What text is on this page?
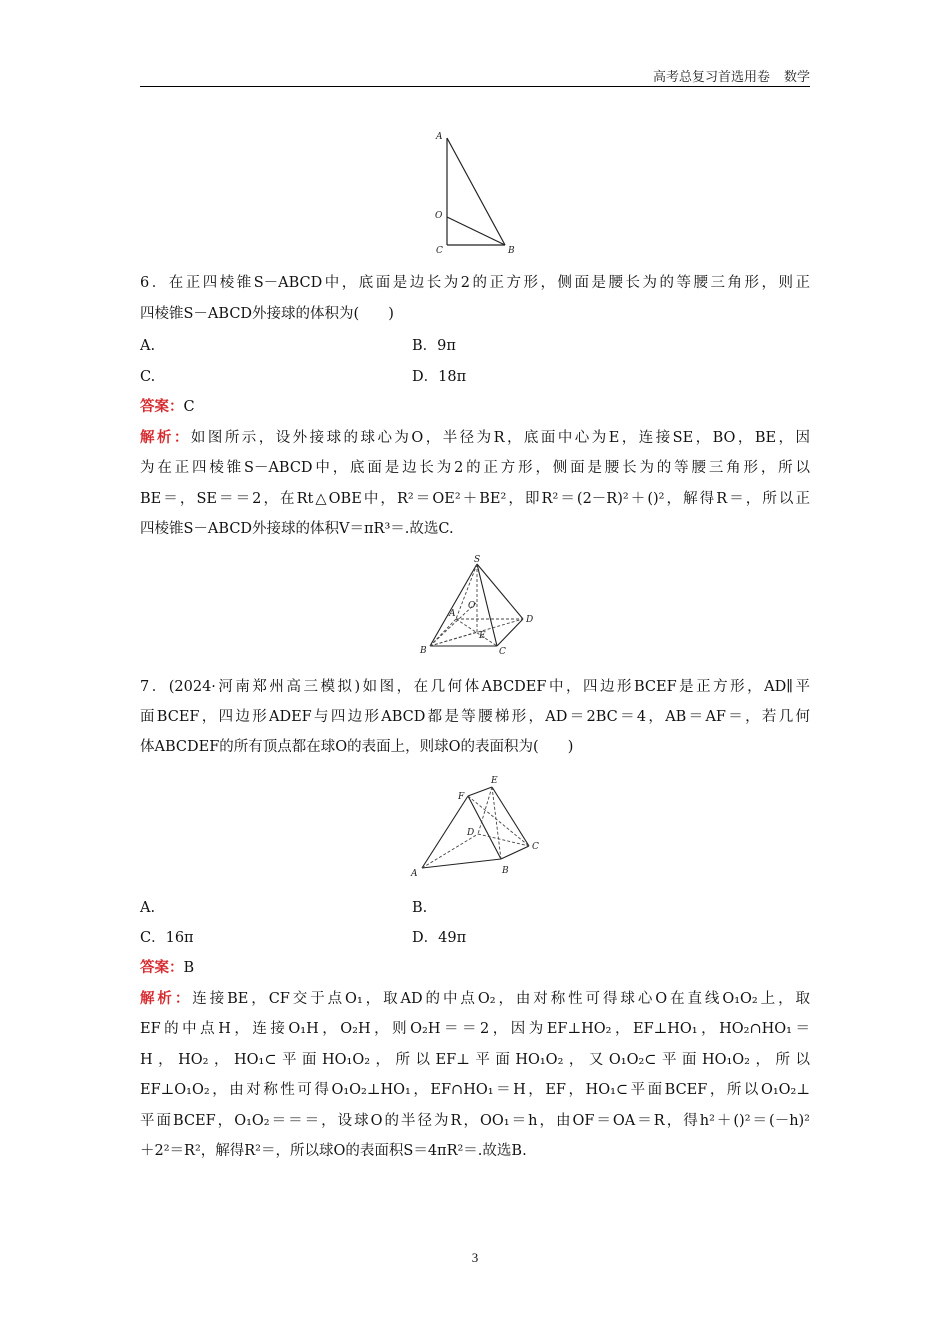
高考总复习首选用卷 数学
A
O
C	B
6．在正四棱锥S－ABCD中，底面是边长为2的正方形，侧面是腰长为的等腰三角形，则正
四棱锥S－ABCD外接球的体积为(　　)
A.	B．9π
C.	D．18π
答案：C
解析：如图所示，设外接球的球心为O，半径为R，底面中心为E，连接SE，BO，BE，因
为在正四棱锥S－ABCD中，底面是边长为2的正方形，侧面是腰长为的等腰三角形，所以
BE＝，SE＝＝2，在Rt△OBE中，R²＝OE²＋BE²，即R²＝(2－R)²＋()²，解得R＝，所以正
四棱锥S－ABCD外接球的体积V＝πR³＝.故选C.
S
A
O
D
E
B	C
7．(2024·河南郑州高三模拟)如图，在几何体ABCDEF中，四边形BCEF是正方形，AD∥平
面BCEF，四边形ADEF与四边形ABCD都是等腰梯形，AD＝2BC＝4，AB＝AF＝，若几何
体ABCDEF的所有顶点都在球O的表面上，则球O的表面积为(　　)
E
F
D
C
A	B
A.	B.
C．16π	D．49π
答案：B
解析：连接BE，CF交于点O₁，取AD的中点O₂，由对称性可得球心O在直线O₁O₂上，取
EF的中点H，连接O₁H，O₂H，则O₂H＝＝2，因为EF⊥HO₂，EF⊥HO₁，HO₂∩HO₁＝
H，HO₂，HO₁⊂平面HO₁O₂，所以EF⊥平面HO₁O₂，又O₁O₂⊂平面HO₁O₂，所以
EF⊥O₁O₂，由对称性可得O₁O₂⊥HO₁，EF∩HO₁＝H，EF，HO₁⊂平面BCEF，所以O₁O₂⊥
平面BCEF，O₁O₂＝＝＝，设球O的半径为R，OO₁＝h，由OF＝OA＝R，得h²＋()²＝(－h)²
＋2²＝R²，解得R²＝，所以球O的表面积S＝4πR²＝.故选B.
3
